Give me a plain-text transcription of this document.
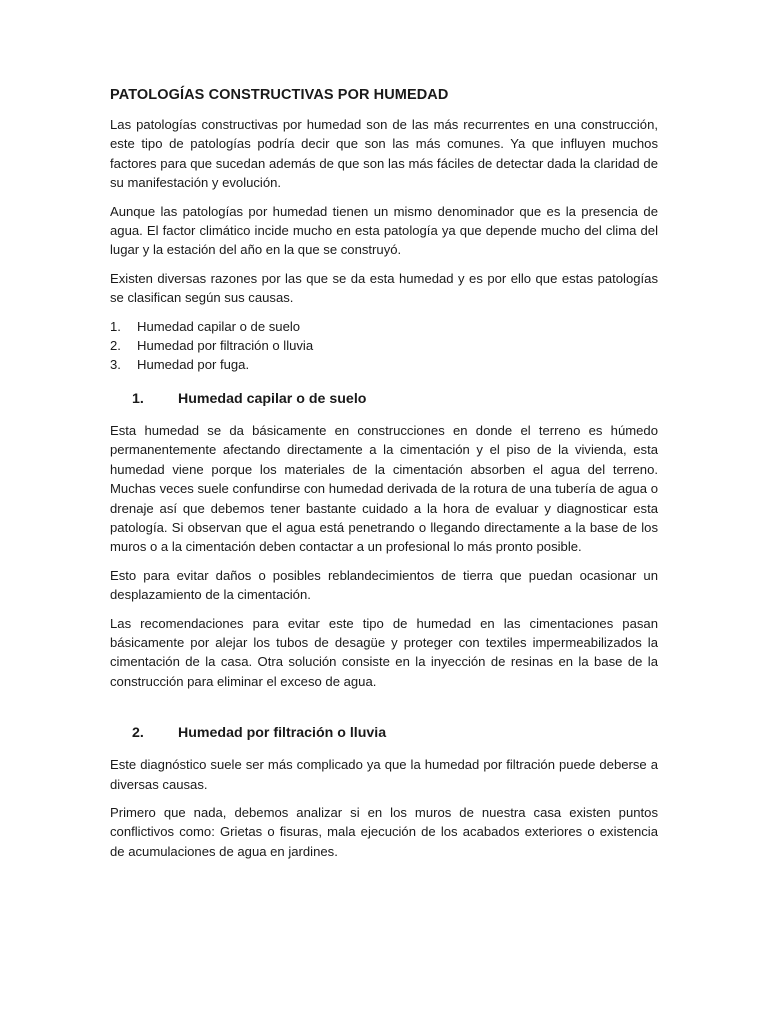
PATOLOGÍAS CONSTRUCTIVAS POR HUMEDAD

Las patologías constructivas por humedad son de las más recurrentes en una construcción, este tipo de patologías podría decir que son las más comunes. Ya que influyen muchos factores para que sucedan además de que son las más fáciles de detectar dada la claridad de su manifestación y evolución.

Aunque las patologías por humedad tienen un mismo denominador que es la presencia de agua. El factor climático incide mucho en esta patología ya que depende mucho del clima del lugar y la estación del año en la que se construyó.

Existen diversas razones por las que se da esta humedad y es por ello que estas patologías se clasifican según sus causas.

1.	Humedad capilar o de suelo
2.	Humedad por filtración o lluvia
3.	Humedad por fuga.
1.	Humedad capilar o de suelo

Esta humedad se da básicamente en construcciones en donde el terreno es húmedo permanentemente afectando directamente a la cimentación y el piso de la vivienda, esta humedad viene porque los materiales de la cimentación absorben el agua del terreno. Muchas veces suele confundirse con humedad derivada de la rotura de una tubería de agua o drenaje así que debemos tener bastante cuidado a la hora de evaluar y diagnosticar esta patología. Si observan que el agua está penetrando o llegando directamente a la base de los muros o a la cimentación deben contactar a un profesional lo más pronto posible.

Esto para evitar daños o posibles reblandecimientos de tierra que puedan ocasionar un desplazamiento de la cimentación.

Las recomendaciones para evitar este tipo de humedad en las cimentaciones pasan básicamente por alejar los tubos de desagüe y proteger con textiles impermeabilizados la cimentación de la casa. Otra solución consiste en la inyección de resinas en la base de la construcción para eliminar el exceso de agua.

2.	Humedad por filtración o lluvia

Este diagnóstico suele ser más complicado ya que la humedad por filtración puede deberse a diversas causas.

Primero que nada, debemos analizar si en los muros de nuestra casa existen puntos conflictivos como: Grietas o fisuras, mala ejecución de los acabados exteriores o existencia de acumulaciones de agua en jardines.
